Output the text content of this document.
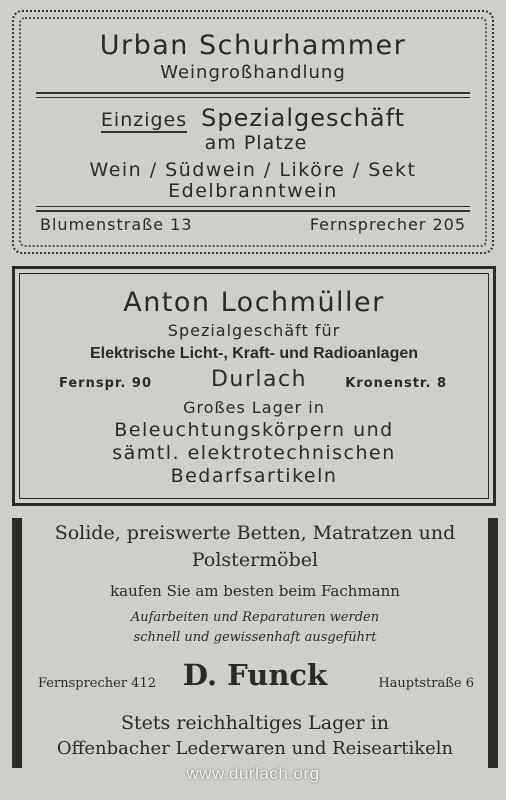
Urban Schurhammer
Weingroßhandlung
Einziges Spezialgeschäft
am Platze
Wein / Südwein / Liköre / Sekt
Edelbranntwein
Blumenstraße 13	Fernsprecher 205
Anton Lochmüller
Spezialgeschäft für
Elektrische Licht-, Kraft- und Radioanlagen
Fernspr. 90	Durlach	Kronenstr. 8
Großes Lager in
Beleuchtungskörpern und
sämtl. elektrotechnischen
Bedarfsartikeln
Solide, preiswerte Betten, Matratzen und
Polstermöbel
kaufen Sie am besten beim Fachmann
Aufarbeiten und Reparaturen werden
schnell und gewissenhaft ausgeführt
Fernsprecher 412 D. Funck	Hauptstraße 6
Stets reichhaltiges Lager in
Offenbacher Lederwaren und Reiseartikeln
www.durlach.org
